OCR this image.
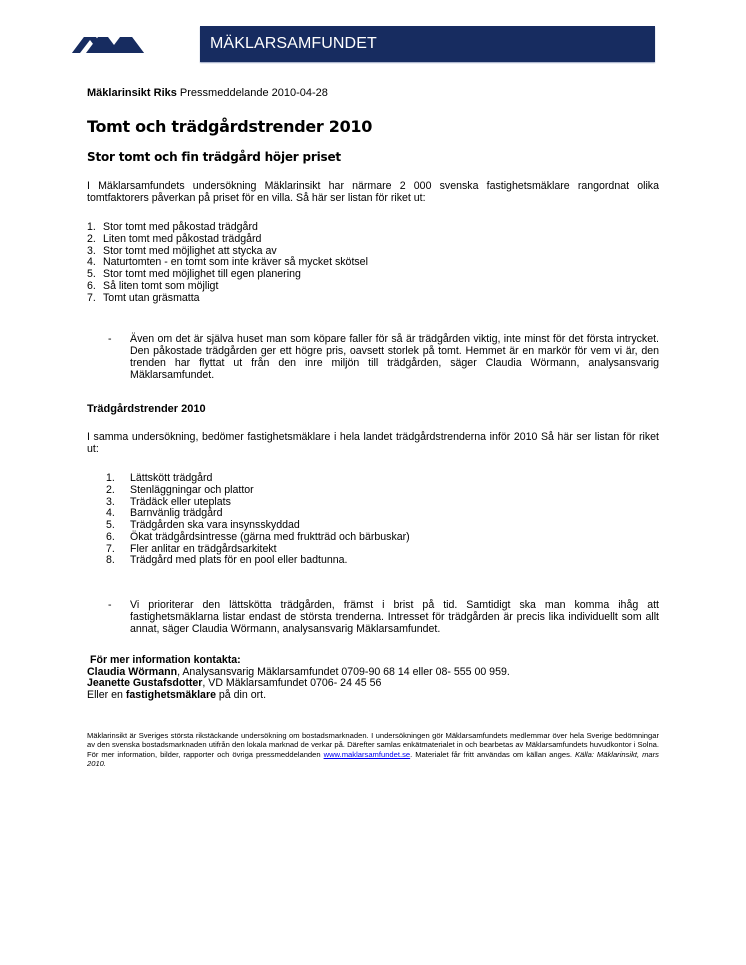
MÄKLARSAMFUNDET
Mäklarinsikt Riks Pressmeddelande 2010-04-28
Tomt och trädgårdstrender 2010
Stor tomt och fin trädgård höjer priset
I Mäklarsamfundets undersökning Mäklarinsikt har närmare 2 000 svenska fastighetsmäklare rangordnat olika tomtfaktorers påverkan på priset för en villa. Så här ser listan för riket ut:
1. Stor tomt med påkostad trädgård
2. Liten tomt med påkostad trädgård
3. Stor tomt med möjlighet att stycka av
4. Naturtomten - en tomt som inte kräver så mycket skötsel
5. Stor tomt med möjlighet till egen planering
6. Så liten tomt som möjligt
7. Tomt utan gräsmatta
-	Även om det är själva huset man som köpare faller för så är trädgården viktig, inte minst för det första intrycket. Den påkostade trädgården ger ett högre pris, oavsett storlek på tomt. Hemmet är en markör för vem vi är, den trenden har flyttat ut från den inre miljön till trädgården, säger Claudia Wörmann, analysansvarig Mäklarsamfundet.
Trädgårdstrender 2010
I samma undersökning, bedömer fastighetsmäklare i hela landet trädgårdstrenderna inför 2010 Så här ser listan för riket ut:
1.	Lättskött trädgård
2.	Stenläggningar och plattor
3.	Trädäck eller uteplats
4.	Barnvänlig trädgård
5.	Trädgården ska vara insynsskyddad
6.	Ökat trädgårdsintresse (gärna med fruktträd och bärbuskar)
7.	Fler anlitar en trädgårdsarkitekt
8.	Trädgård med plats för en pool eller badtunna.
-	Vi prioriterar den lättskötta trädgården, främst i brist på tid. Samtidigt ska man komma ihåg att fastighetsmäklarna listar endast de största trenderna. Intresset för trädgården är precis lika individuellt som allt annat, säger Claudia Wörmann, analysansvarig Mäklarsamfundet.
För mer information kontakta:
Claudia Wörmann, Analysansvarig Mäklarsamfundet 0709-90 68 14 eller 08- 555 00 959.
Jeanette Gustafsdotter, VD Mäklarsamfundet 0706- 24 45 56
Eller en fastighetsmäklare på din ort.
Mäklarinsikt är Sveriges största rikstäckande undersökning om bostadsmarknaden. I undersökningen gör Mäklarsamfundets medlemmar över hela Sverige bedömningar av den svenska bostadsmarknaden utifrån den lokala marknad de verkar på. Därefter samlas enkätmaterialet in och bearbetas av Mäklarsamfundets huvudkontor i Solna. För mer information, bilder, rapporter och övriga pressmeddelanden www.maklarsamfundet.se. Materialet får fritt användas om källan anges. Källa: Mäklarinsikt, mars 2010.
